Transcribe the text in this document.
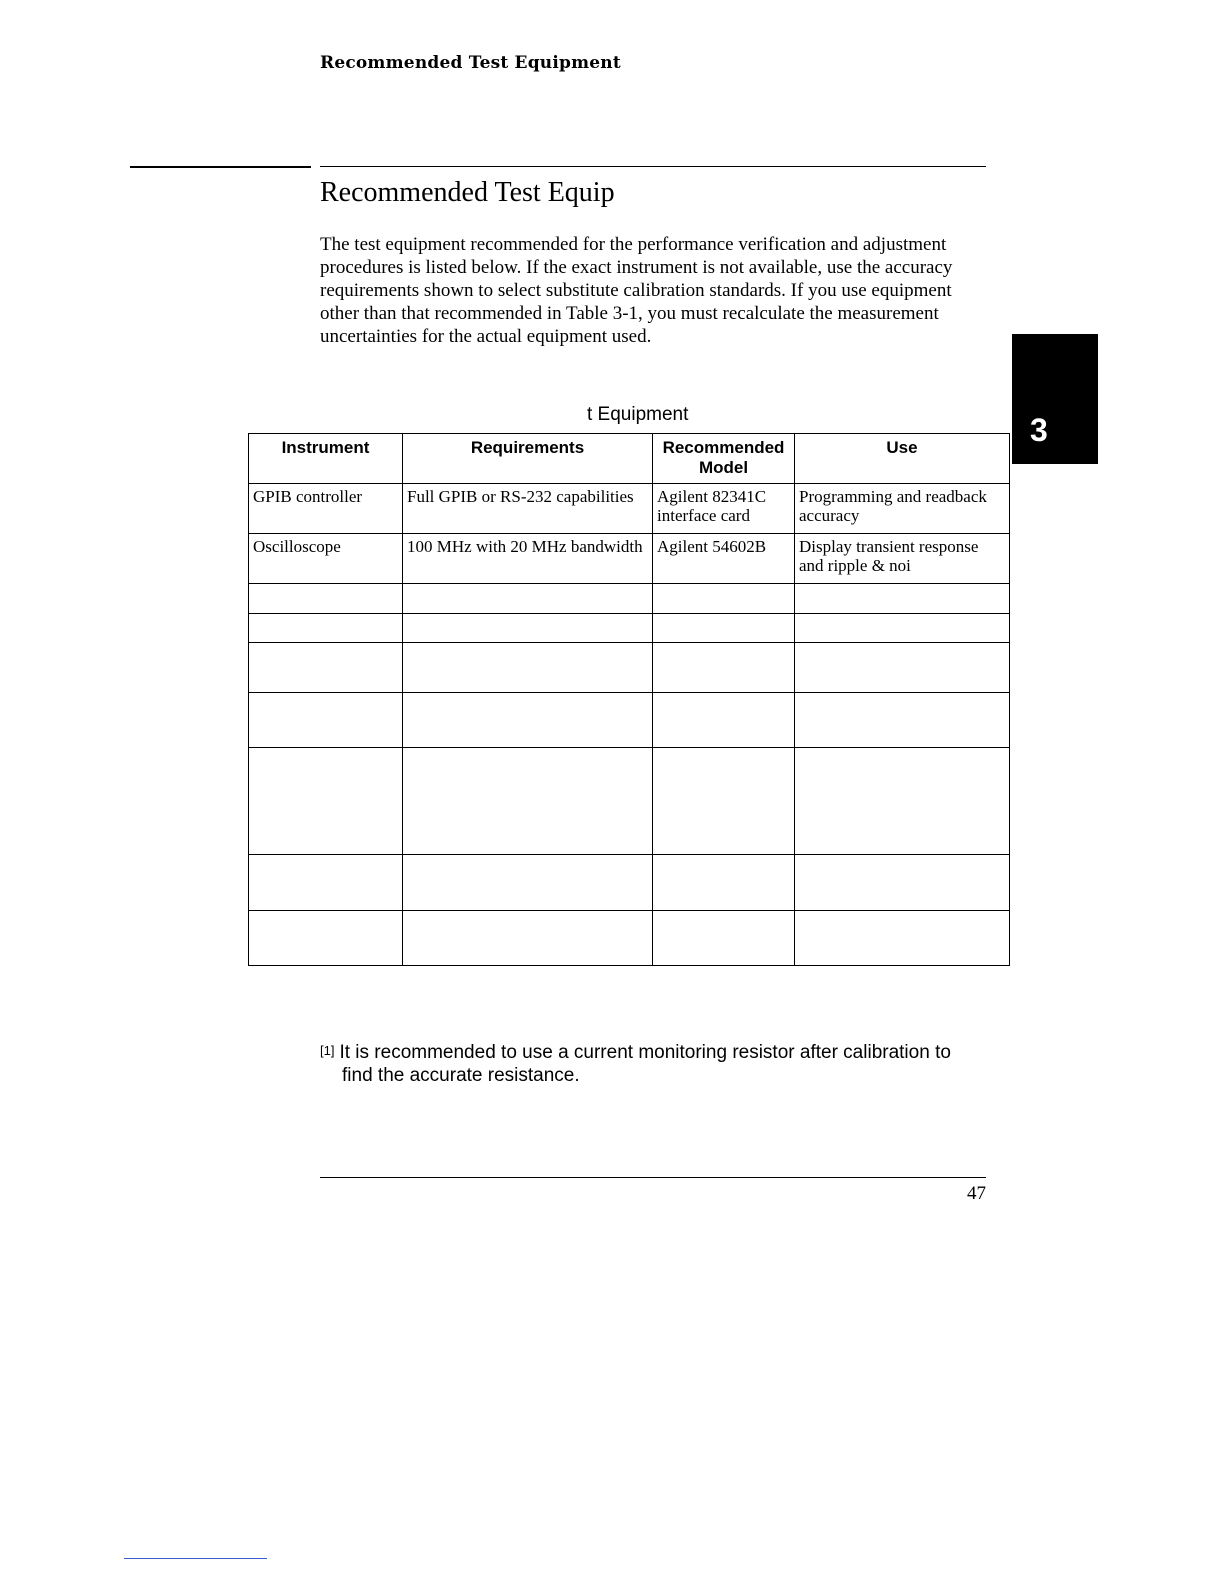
Recommended Test Equipment
Recommended Test Equip

The test equipment recommended for the performance verification and adjustment procedures is listed below. If the exact instrument is not available, use the accuracy requirements shown to select substitute calibration standards. If you use equipment other than that recommended in Table 3-1, you must recalculate the measurement uncertainties for the actual equipment used.

3
t Equipment
Instrument	Requirements	Recommended Model	Use
GPIB controller	Full GPIB or RS-232 capabilities	Agilent 82341C interface card	Programming and readback accuracy
Oscilloscope	100 MHz with 20 MHz bandwidth	Agilent 54602B	Display transient response and ripple & noi

[1] It is recommended to use a current monitoring resistor after calibration to
find the accurate resistance.
47
